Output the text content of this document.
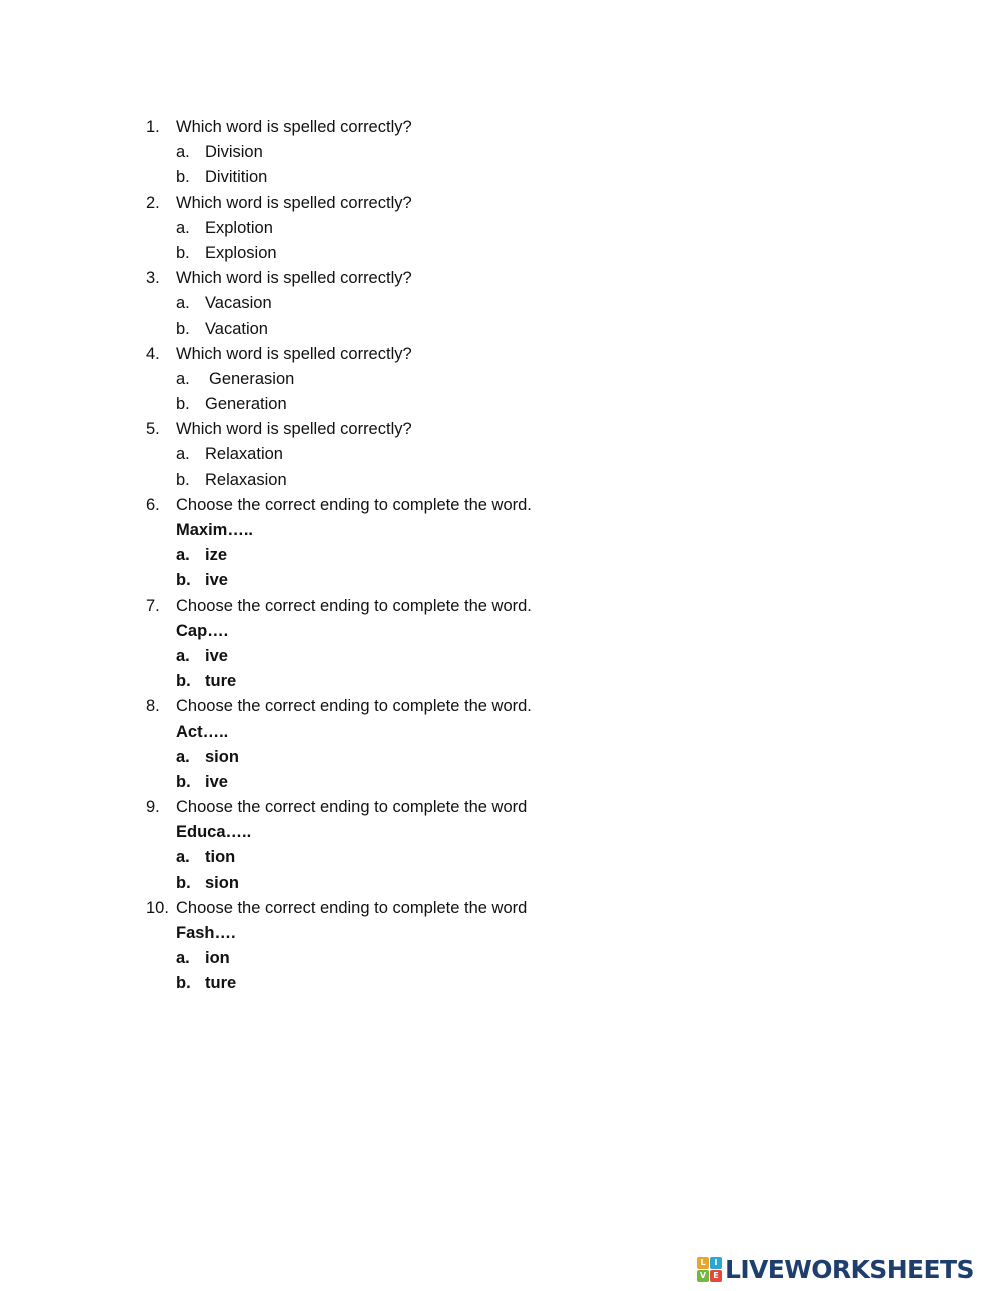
1. Which word is spelled correctly?
a. Division
b. Divitition
2. Which word is spelled correctly?
a. Explotion
b. Explosion
3. Which word is spelled correctly?
a. Vacasion
b. Vacation
4. Which word is spelled correctly?
a.	Generasion
b. Generation
5. Which word is spelled correctly?
a. Relaxation
b. Relaxasion
6. Choose the correct ending to complete the word.
Maxim…..
a. ize
b. ive
7. Choose the correct ending to complete the word.
Cap….
a. ive
b. ture
8. Choose the correct ending to complete the word.
Act…..
a. sion
b. ive
9. Choose the correct ending to complete the word
Educa…..
a. tion
b. sion
10. Choose the correct ending to complete the word
Fash….
a. ion
b. ture
L	I
V E LIVEWORKSHEETS
